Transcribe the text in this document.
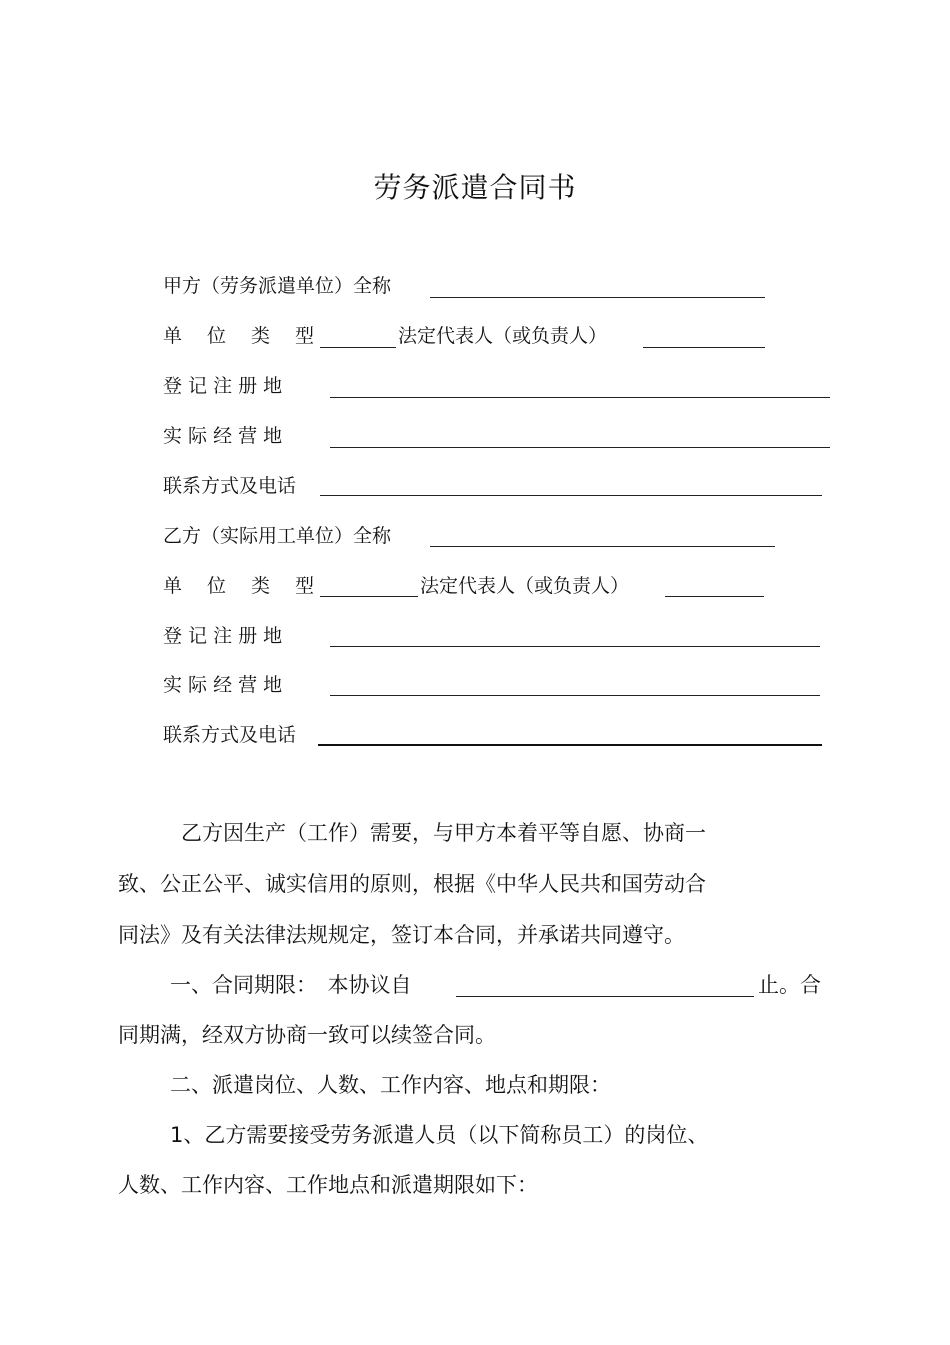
劳务派遣合同书
甲方（劳务派遣单位）全称
单　位　类　型	法定代表人（或负责人）
登 记 注 册 地
实 际 经 营 地
联系方式及电话
乙方（实际用工单位）全称
单　位　类　型	法定代表人（或负责人）
登 记 注 册 地
实 际 经 营 地
联系方式及电话
乙方因生产（工作）需要，与甲方本着平等自愿、协商一
致、公正公平、诚实信用的原则，根据《中华人民共和国劳动合
同法》及有关法律法规规定，签订本合同，并承诺共同遵守。
一、合同期限：　本协议自	止。合
同期满，经双方协商一致可以续签合同。
二、派遣岗位、人数、工作内容、地点和期限：
1、乙方需要接受劳务派遣人员（以下简称员工）的岗位、
人数、工作内容、工作地点和派遣期限如下：
